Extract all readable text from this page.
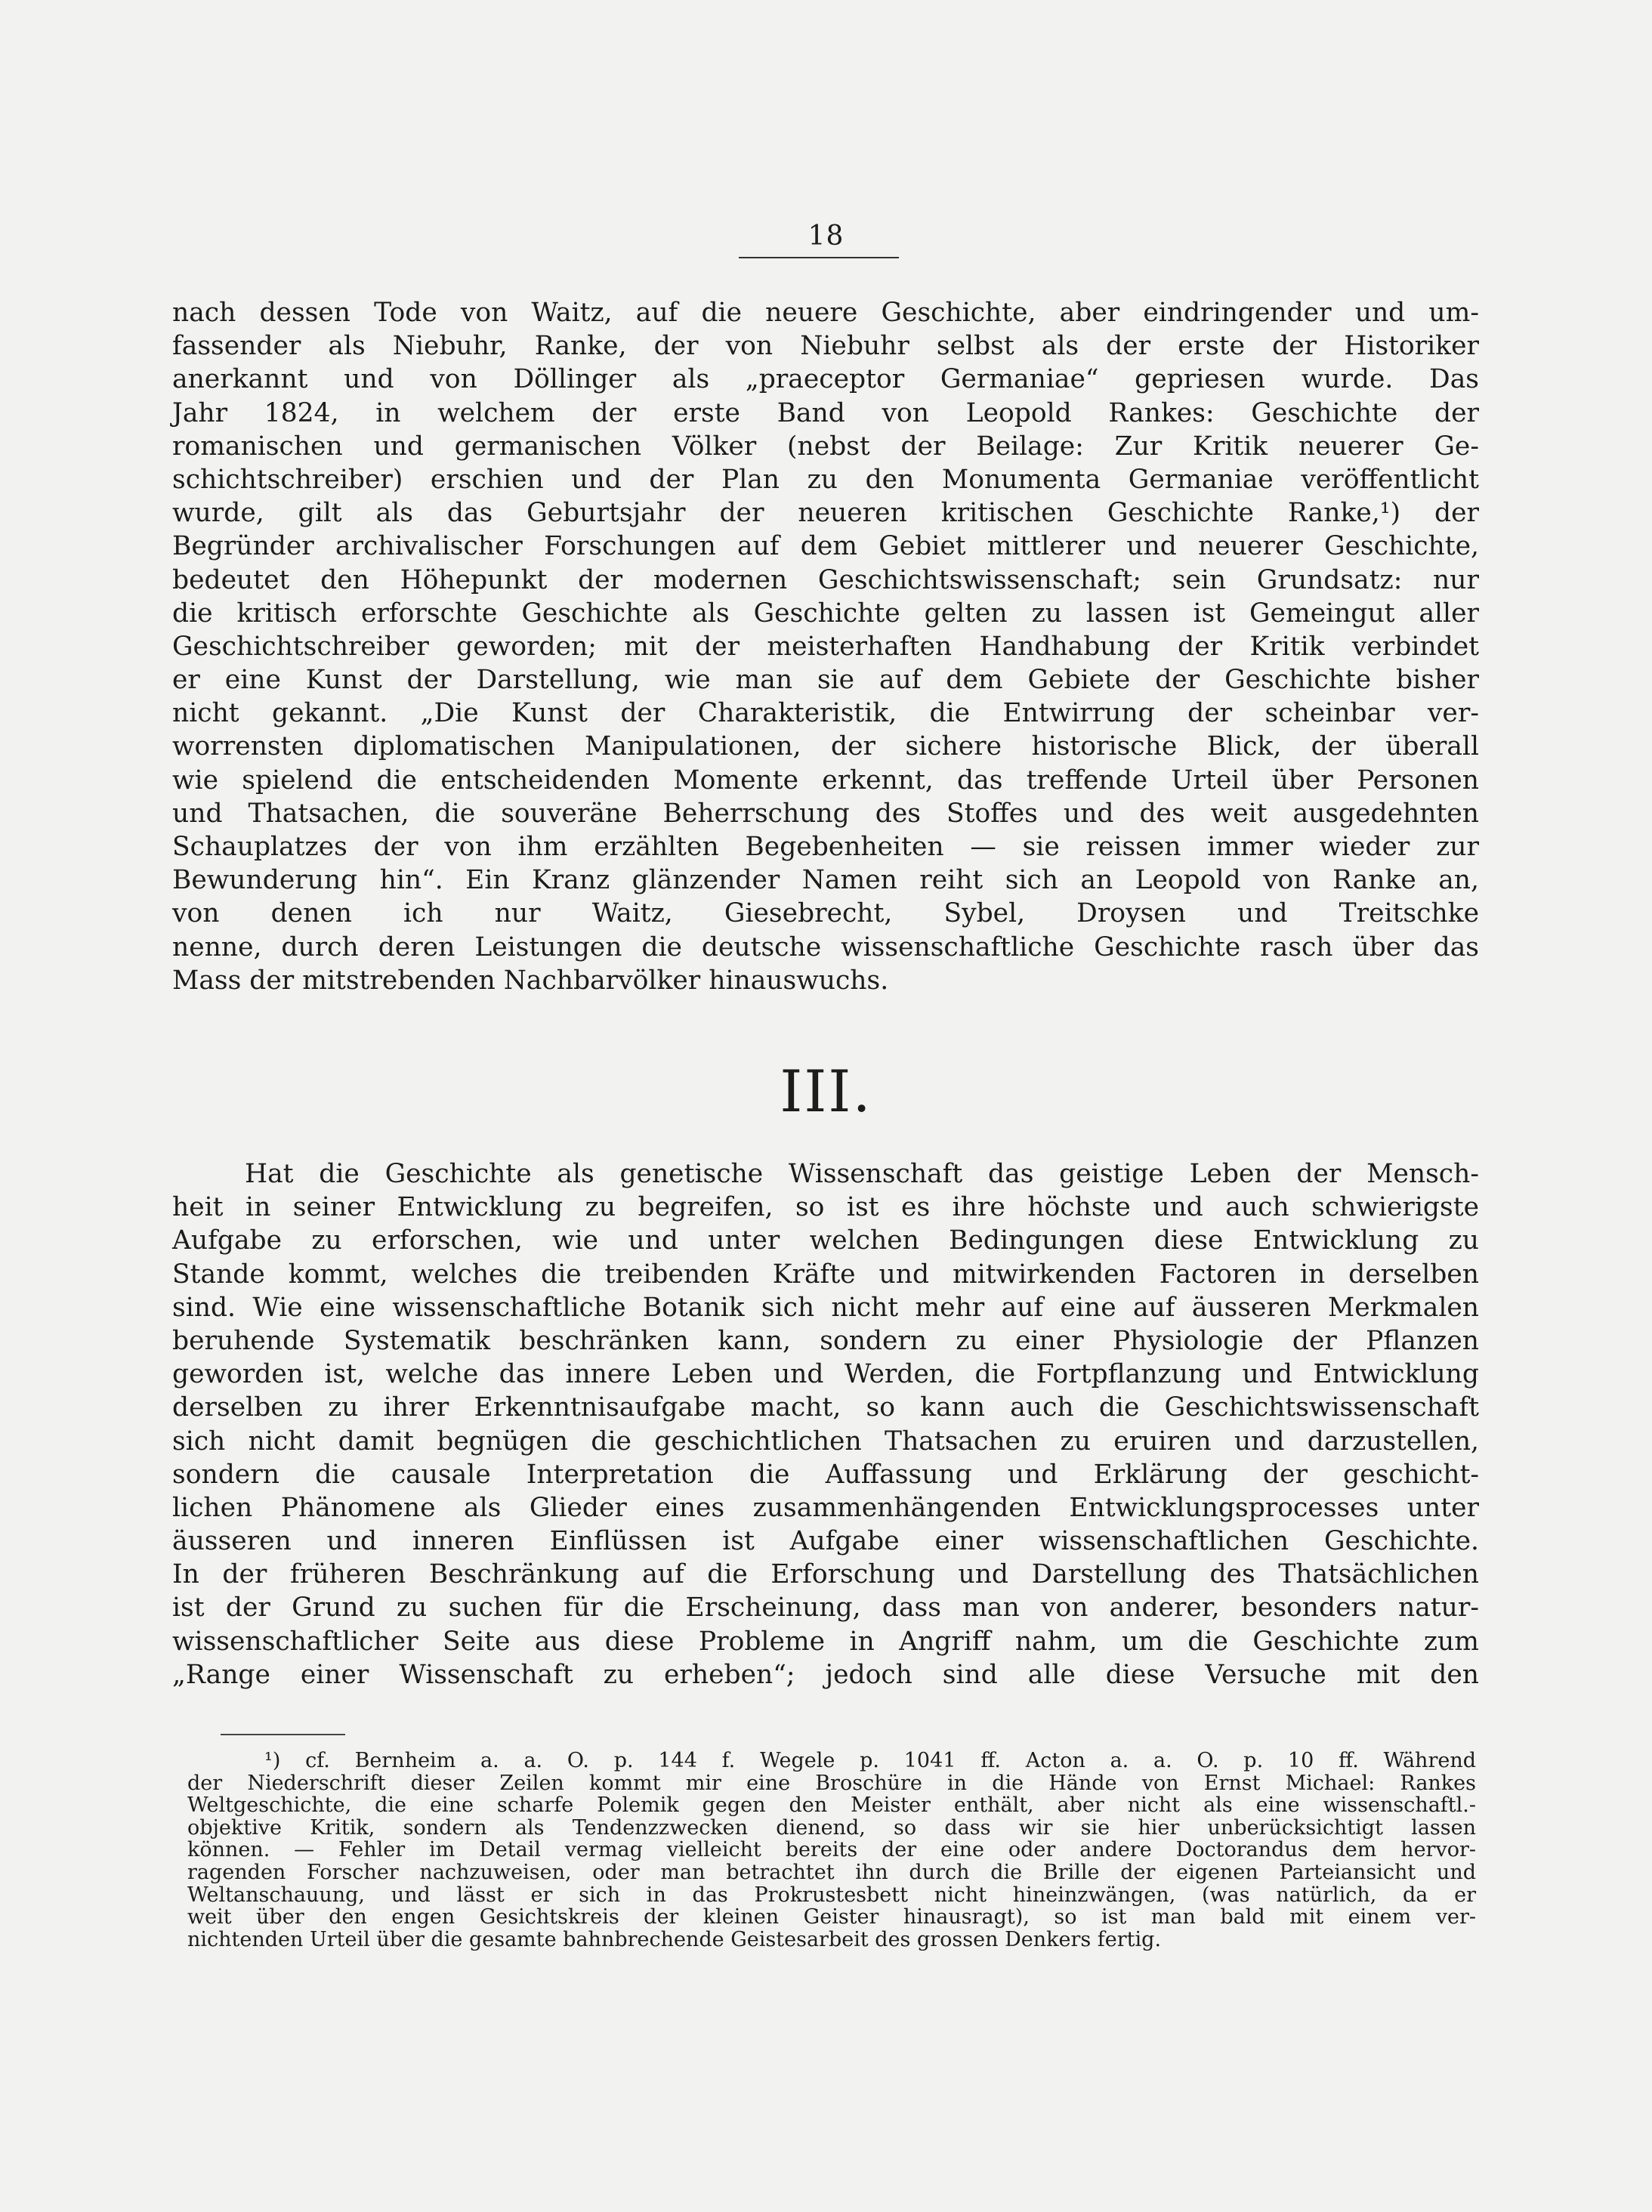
18
nach dessen Tode von Waitz, auf die neuere Geschichte, aber eindringender und um-
fassender als Niebuhr, Ranke, der von Niebuhr selbst als der erste der Historiker
anerkannt und von Döllinger als „praeceptor Germaniae“ gepriesen wurde. Das
Jahr 1824, in welchem der erste Band von Leopold Rankes: Geschichte der
romanischen und germanischen Völker (nebst der Beilage: Zur Kritik neuerer Ge-
schichtschreiber) erschien und der Plan zu den Monumenta Germaniae veröffentlicht
wurde, gilt als das Geburtsjahr der neueren kritischen Geschichte Ranke,¹) der
Begründer archivalischer Forschungen auf dem Gebiet mittlerer und neuerer Geschichte,
bedeutet den Höhepunkt der modernen Geschichtswissenschaft; sein Grundsatz: nur
die kritisch erforschte Geschichte als Geschichte gelten zu lassen ist Gemeingut aller
Geschichtschreiber geworden; mit der meisterhaften Handhabung der Kritik verbindet
er eine Kunst der Darstellung, wie man sie auf dem Gebiete der Geschichte bisher
nicht gekannt. „Die Kunst der Charakteristik, die Entwirrung der scheinbar ver-
worrensten diplomatischen Manipulationen, der sichere historische Blick, der überall
wie spielend die entscheidenden Momente erkennt, das treffende Urteil über Personen
und Thatsachen, die souveräne Beherrschung des Stoffes und des weit ausgedehnten
Schauplatzes der von ihm erzählten Begebenheiten — sie reissen immer wieder zur
Bewunderung hin“. Ein Kranz glänzender Namen reiht sich an Leopold von Ranke an,
von denen ich nur Waitz, Giesebrecht, Sybel, Droysen und Treitschke
nenne, durch deren Leistungen die deutsche wissenschaftliche Geschichte rasch über das
Mass der mitstrebenden Nachbarvölker hinauswuchs.
III.
Hat die Geschichte als genetische Wissenschaft das geistige Leben der Mensch-
heit in seiner Entwicklung zu begreifen, so ist es ihre höchste und auch schwierigste
Aufgabe zu erforschen, wie und unter welchen Bedingungen diese Entwicklung zu
Stande kommt, welches die treibenden Kräfte und mitwirkenden Factoren in derselben
sind. Wie eine wissenschaftliche Botanik sich nicht mehr auf eine auf äusseren Merkmalen
beruhende Systematik beschränken kann, sondern zu einer Physiologie der Pflanzen
geworden ist, welche das innere Leben und Werden, die Fortpflanzung und Entwicklung
derselben zu ihrer Erkenntnisaufgabe macht, so kann auch die Geschichtswissenschaft
sich nicht damit begnügen die geschichtlichen Thatsachen zu eruiren und darzustellen,
sondern die causale Interpretation die Auffassung und Erklärung der geschicht-
lichen Phänomene als Glieder eines zusammenhängenden Entwicklungsprocesses unter
äusseren und inneren Einflüssen ist Aufgabe einer wissenschaftlichen Geschichte.
In der früheren Beschränkung auf die Erforschung und Darstellung des Thatsächlichen
ist der Grund zu suchen für die Erscheinung, dass man von anderer, besonders natur-
wissenschaftlicher Seite aus diese Probleme in Angriff nahm, um die Geschichte zum
„Range einer Wissenschaft zu erheben“; jedoch sind alle diese Versuche mit den
¹) cf. Bernheim a. a. O. p. 144 f. Wegele p. 1041 ff. Acton a. a. O. p. 10 ff. Während
der Niederschrift dieser Zeilen kommt mir eine Broschüre in die Hände von Ernst Michael: Rankes
Weltgeschichte, die eine scharfe Polemik gegen den Meister enthält, aber nicht als eine wissenschaftl.-
objektive Kritik, sondern als Tendenzzwecken dienend, so dass wir sie hier unberücksichtigt lassen
können. — Fehler im Detail vermag vielleicht bereits der eine oder andere Doctorandus dem hervor-
ragenden Forscher nachzuweisen, oder man betrachtet ihn durch die Brille der eigenen Parteiansicht und
Weltanschauung, und lässt er sich in das Prokrustesbett nicht hineinzwängen, (was natürlich, da er
weit über den engen Gesichtskreis der kleinen Geister hinausragt), so ist man bald mit einem ver-
nichtenden Urteil über die gesamte bahnbrechende Geistesarbeit des grossen Denkers fertig.
